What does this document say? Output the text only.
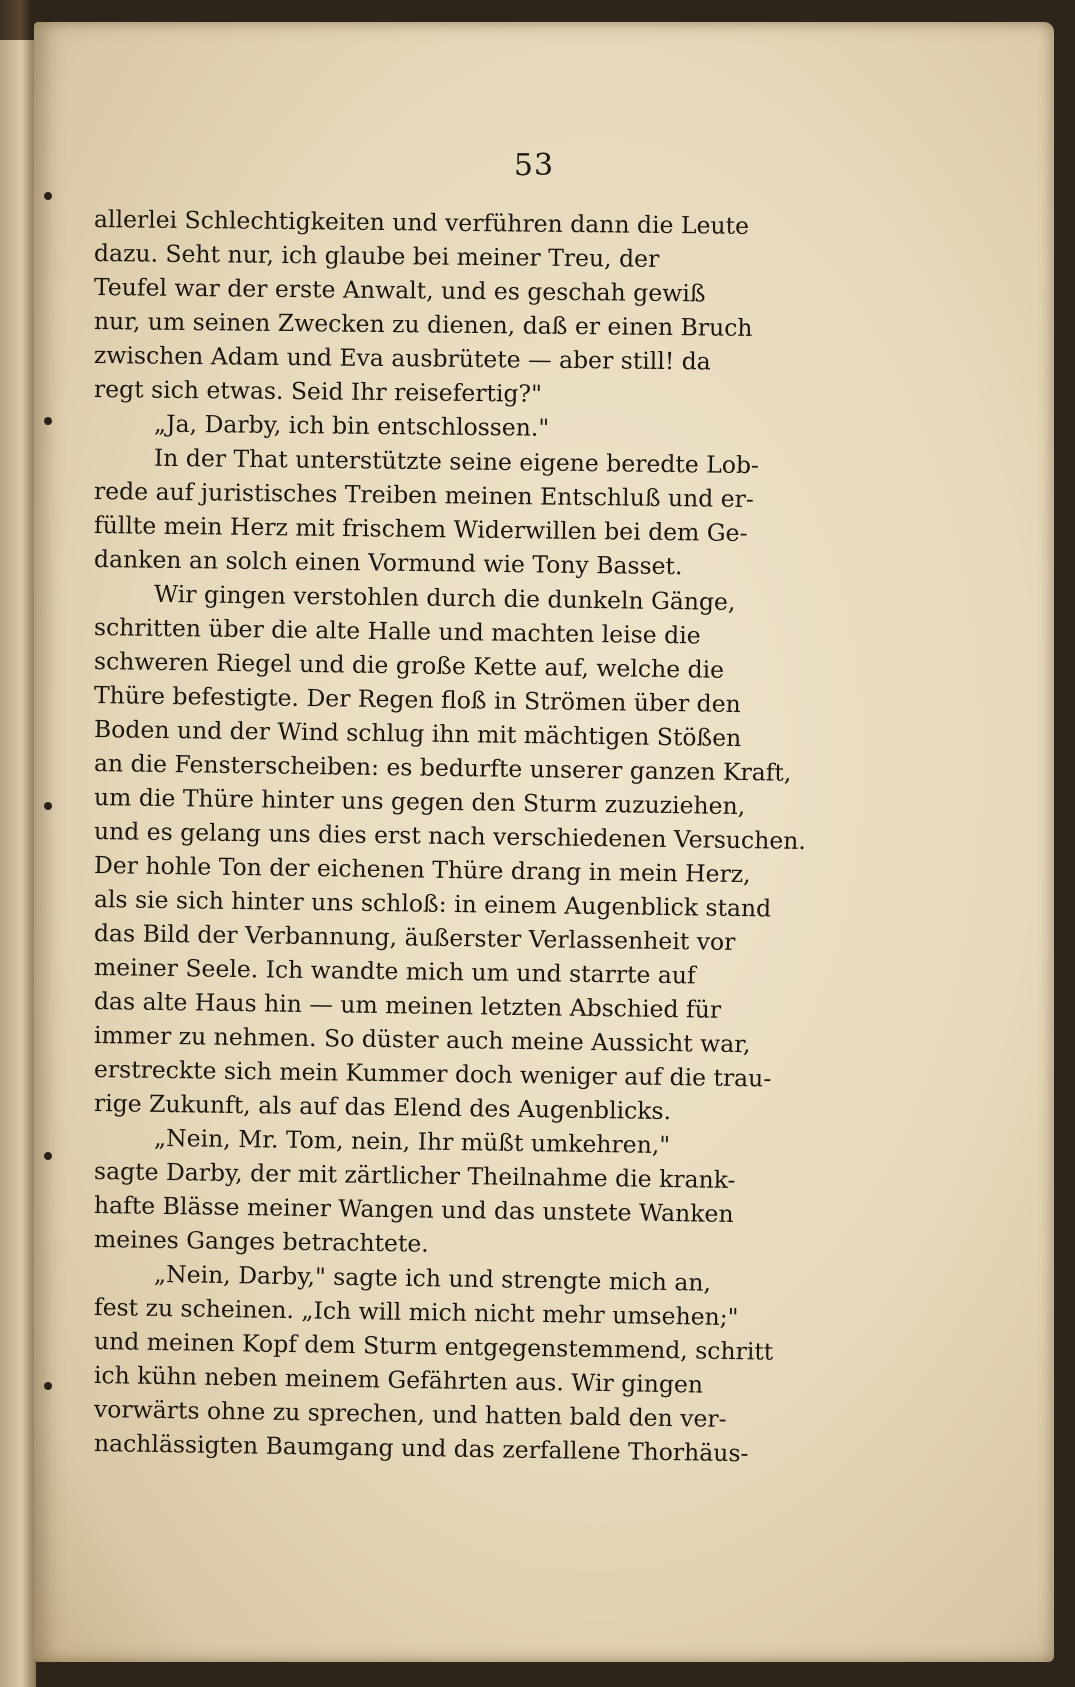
53
allerlei Schlechtigkeiten und verführen dann die Leute
dazu. Seht nur, ich glaube bei meiner Treu, der
Teufel war der erste Anwalt, und es geschah gewiß
nur, um seinen Zwecken zu dienen, daß er einen Bruch
zwischen Adam und Eva ausbrütete — aber still! da
regt sich etwas. Seid Ihr reisefertig?"
„Ja, Darby, ich bin entschlossen."
In der That unterstützte seine eigene beredte Lob-
rede auf juristisches Treiben meinen Entschluß und er-
füllte mein Herz mit frischem Widerwillen bei dem Ge-
danken an solch einen Vormund wie Tony Basset.
Wir gingen verstohlen durch die dunkeln Gänge,
schritten über die alte Halle und machten leise die
schweren Riegel und die große Kette auf, welche die
Thüre befestigte. Der Regen floß in Strömen über den
Boden und der Wind schlug ihn mit mächtigen Stößen
an die Fensterscheiben: es bedurfte unserer ganzen Kraft,
um die Thüre hinter uns gegen den Sturm zuzuziehen,
und es gelang uns dies erst nach verschiedenen Versuchen.
Der hohle Ton der eichenen Thüre drang in mein Herz,
als sie sich hinter uns schloß: in einem Augenblick stand
das Bild der Verbannung, äußerster Verlassenheit vor
meiner Seele. Ich wandte mich um und starrte auf
das alte Haus hin — um meinen letzten Abschied für
immer zu nehmen. So düster auch meine Aussicht war,
erstreckte sich mein Kummer doch weniger auf die trau-
rige Zukunft, als auf das Elend des Augenblicks.
„Nein, Mr. Tom, nein, Ihr müßt umkehren,"
sagte Darby, der mit zärtlicher Theilnahme die krank-
hafte Blässe meiner Wangen und das unstete Wanken
meines Ganges betrachtete.
„Nein, Darby," sagte ich und strengte mich an,
fest zu scheinen. „Ich will mich nicht mehr umsehen;"
und meinen Kopf dem Sturm entgegenstemmend, schritt
ich kühn neben meinem Gefährten aus. Wir gingen
vorwärts ohne zu sprechen, und hatten bald den ver-
nachlässigten Baumgang und das zerfallene Thorhäus-
